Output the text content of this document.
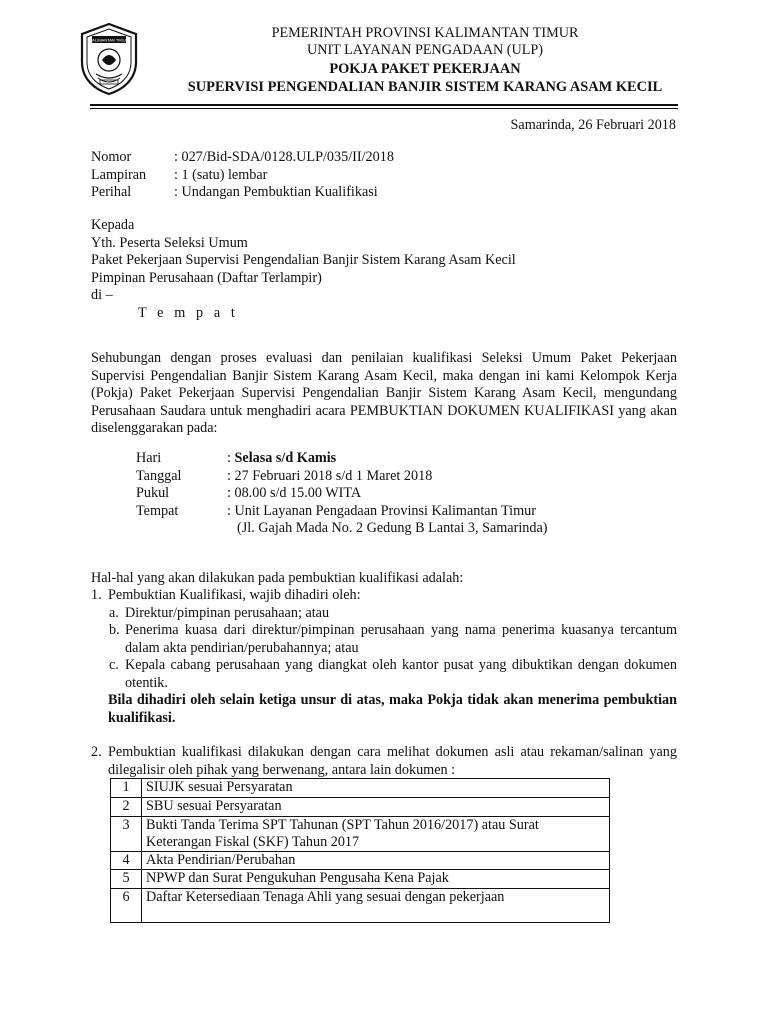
KALIMANTAN TIMUR	PEMERINTAH PROVINSI KALIMANTAN TIMUR
UNIT LAYANAN PENGADAAN (ULP)
POKJA PAKET PEKERJAAN
SUPERVISI PENGENDALIAN BANJIR SISTEM KARANG ASAM KECIL
Samarinda, 26 Februari 2018
Nomor	: 027/Bid-SDA/0128.ULP/035/II/2018
Lampiran	: 1 (satu) lembar
Perihal	: Undangan Pembuktian Kualifikasi
Kepada
Yth. Peserta Seleksi Umum
Paket Pekerjaan Supervisi Pengendalian Banjir Sistem Karang Asam Kecil
Pimpinan Perusahaan (Daftar Terlampir)
di –
T e m p a t
Sehubungan dengan proses evaluasi dan penilaian kualifikasi Seleksi Umum Paket Pekerjaan Supervisi Pengendalian Banjir Sistem Karang Asam Kecil, maka dengan ini kami Kelompok Kerja (Pokja) Paket Pekerjaan Supervisi Pengendalian Banjir Sistem Karang Asam Kecil, mengundang Perusahaan Saudara untuk menghadiri acara PEMBUKTIAN DOKUMEN KUALIFIKASI yang akan diselenggarakan pada:
Hari	: Selasa s/d Kamis
Tanggal	: 27 Februari 2018 s/d 1 Maret 2018
Pukul	: 08.00 s/d 15.00 WITA
Tempat	: Unit Layanan Pengadaan Provinsi Kalimantan Timur
	(Jl. Gajah Mada No. 2 Gedung B Lantai 3, Samarinda)
Hal-hal yang akan dilakukan pada pembuktian kualifikasi adalah:
1. Pembuktian Kualifikasi, wajib dihadiri oleh:
a. Direktur/pimpinan perusahaan; atau
b. Penerima kuasa dari direktur/pimpinan perusahaan yang nama penerima kuasanya tercantum dalam akta pendirian/perubahannya; atau
c. Kepala cabang perusahaan yang diangkat oleh kantor pusat yang dibuktikan dengan dokumen otentik.
Bila dihadiri oleh selain ketiga unsur di atas, maka Pokja tidak akan menerima pembuktian kualifikasi.
2. Pembuktian kualifikasi dilakukan dengan cara melihat dokumen asli atau rekaman/salinan yang dilegalisir oleh pihak yang berwenang, antara lain dokumen :
1	SIUJK sesuai Persyaratan
2	SBU sesuai Persyaratan
3	Bukti Tanda Terima SPT Tahunan (SPT Tahun 2016/2017) atau Surat Keterangan Fiskal (SKF) Tahun 2017
4	Akta Pendirian/Perubahan
5	NPWP dan Surat Pengukuhan Pengusaha Kena Pajak
6	Daftar Ketersediaan Tenaga Ahli yang sesuai dengan pekerjaan
